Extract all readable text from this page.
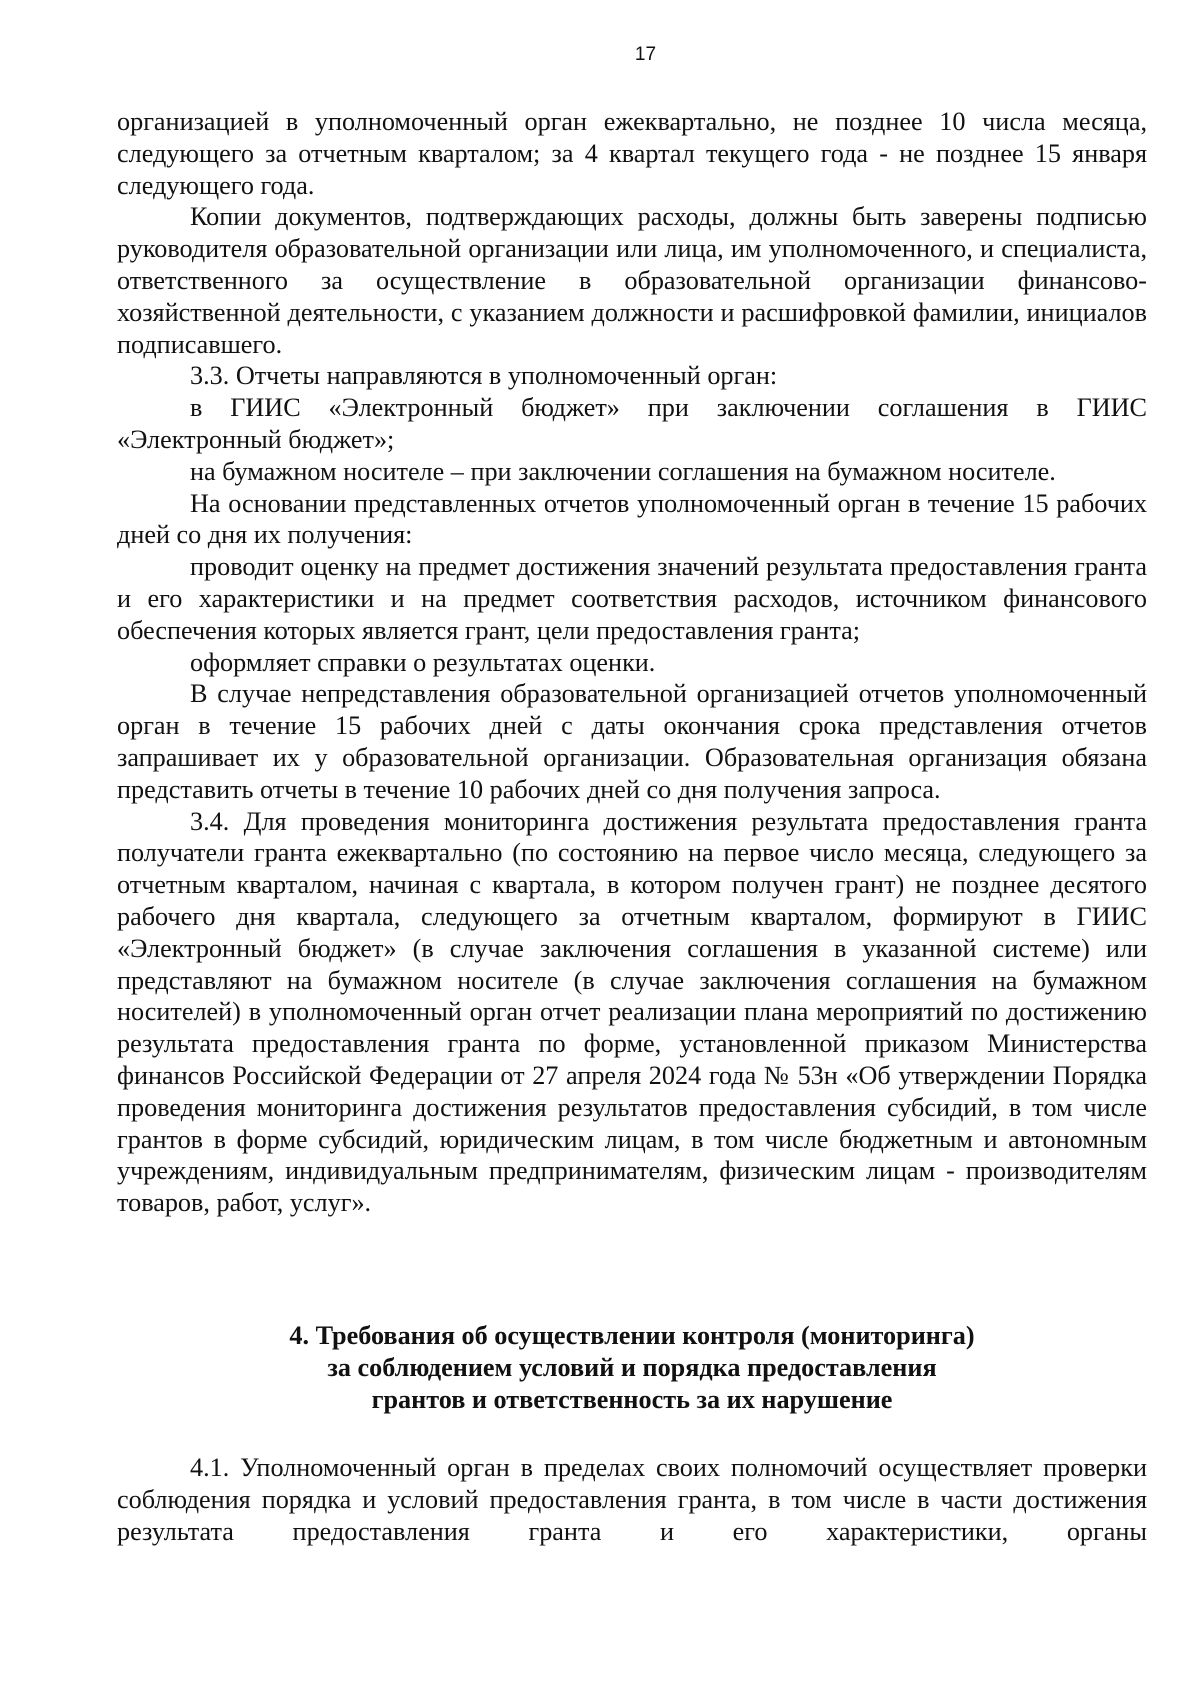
17

организацией в уполномоченный орган ежеквартально, не позднее 10 числа месяца, следующего за отчетным кварталом; за 4 квартал текущего года - не позднее 15 января следующего года.

Копии документов, подтверждающих расходы, должны быть заверены подписью руководителя образовательной организации или лица, им уполномоченного, и специалиста, ответственного за осуществление в образовательной организации финансово-хозяйственной деятельности, с указанием должности и расшифровкой фамилии, инициалов подписавшего.

3.3. Отчеты направляются в уполномоченный орган:

в ГИИС «Электронный бюджет» при заключении соглашения в ГИИС «Электронный бюджет»;

на бумажном носителе – при заключении соглашения на бумажном носителе.

На основании представленных отчетов уполномоченный орган в течение 15 рабочих дней со дня их получения:

проводит оценку на предмет достижения значений результата предоставления гранта и его характеристики и на предмет соответствия расходов, источником финансового обеспечения которых является грант, цели предоставления гранта;

оформляет справки о результатах оценки.

В случае непредставления образовательной организацией отчетов уполномоченный орган в течение 15 рабочих дней с даты окончания срока представления отчетов запрашивает их у образовательной организации. Образовательная организация обязана представить отчеты в течение 10 рабочих дней со дня получения запроса.

3.4. Для проведения мониторинга достижения результата предоставления гранта получатели гранта ежеквартально (по состоянию на первое число месяца, следующего за отчетным кварталом, начиная с квартала, в котором получен грант) не позднее десятого рабочего дня квартала, следующего за отчетным кварталом, формируют в ГИИС «Электронный бюджет» (в случае заключения соглашения в указанной системе) или представляют на бумажном носителе (в случае заключения соглашения на бумажном носителей) в уполномоченный орган отчет реализации плана мероприятий по достижению результата предоставления гранта по форме, установленной приказом Министерства финансов Российской Федерации от 27 апреля 2024 года № 53н «Об утверждении Порядка проведения мониторинга достижения результатов предоставления субсидий, в том числе грантов в форме субсидий, юридическим лицам, в том числе бюджетным и автономным учреждениям, индивидуальным предпринимателям, физическим лицам - производителям товаров, работ, услуг».

4. Требования об осуществлении контроля (мониторинга)
за соблюдением условий и порядка предоставления
грантов и ответственность за их нарушение

4.1. Уполномоченный орган в пределах своих полномочий осуществляет проверки соблюдения порядка и условий предоставления гранта, в том числе в части достижения результата предоставления гранта и его характеристики, органы
